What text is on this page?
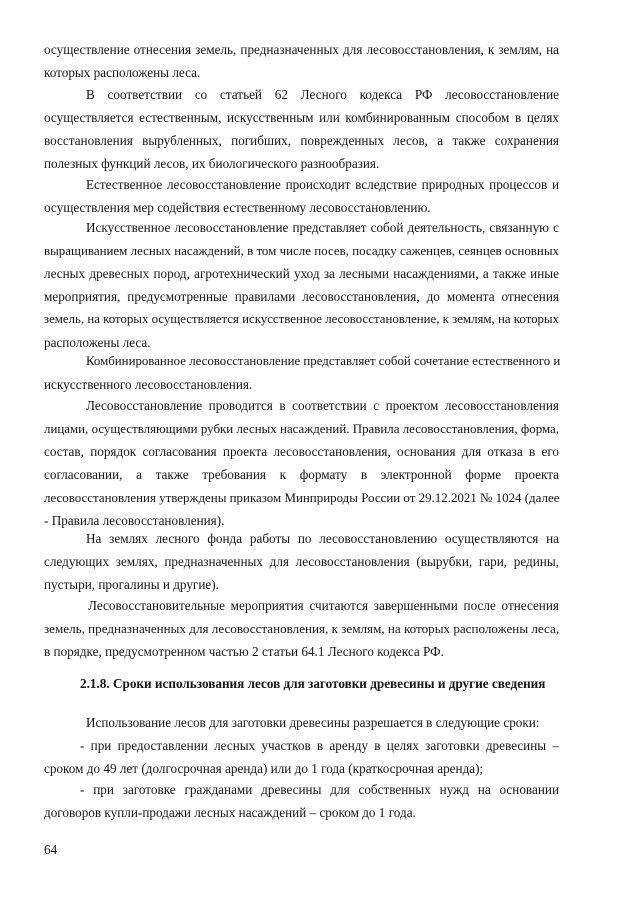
осуществление отнесения земель, предназначенных для лесовосстановления, к землям, на
которых расположены леса.

В соответствии со статьей 62 Лесного кодекса РФ лесовосстановление
осуществляется естественным, искусственным или комбинированным способом в целях
восстановления вырубленных, погибших, поврежденных лесов, а также сохранения
полезных функций лесов, их биологического разнообразия.

Естественное лесовосстановление происходит вследствие природных процессов и
осуществления мер содействия естественному лесовосстановлению.

Искусственное лесовосстановление представляет собой деятельность, связанную с
выращиванием лесных насаждений, в том числе посев, посадку саженцев, сеянцев основных
лесных древесных пород, агротехнический уход за лесными насаждениями, а также иные
мероприятия, предусмотренные правилами лесовосстановления, до момента отнесения
земель, на которых осуществляется искусственное лесовосстановление, к землям, на которых
расположены леса.

Комбинированное лесовосстановление представляет собой сочетание естественного и
искусственного лесовосстановления.

Лесовосстановление проводится в соответствии с проектом лесовосстановления
лицами, осуществляющими рубки лесных насаждений. Правила лесовосстановления, форма,
состав, порядок согласования проекта лесовосстановления, основания для отказа в его
согласовании, а также требования к формату в электронной форме проекта
лесовосстановления утверждены приказом Минприроды России от 29.12.2021 № 1024 (далее
- Правила лесовосстановления).

На землях лесного фонда работы по лесовосстановлению осуществляются на
следующих землях, предназначенных для лесовосстановления (вырубки, гари, редины,
пустыри, прогалины и другие).

Лесовосстановительные мероприятия считаются завершенными после отнесения
земель, предназначенных для лесовосстановления, к землям, на которых расположены леса,
в порядке, предусмотренном частью 2 статьи 64.1 Лесного кодекса РФ.

2.1.8. Сроки использования лесов для заготовки древесины и другие сведения

Использование лесов для заготовки древесины разрешается в следующие сроки:

- при предоставлении лесных участков в аренду в целях заготовки древесины –
сроком до 49 лет (долгосрочная аренда) или до 1 года (краткосрочная аренда);

- при заготовке гражданами древесины для собственных нужд на основании
договоров купли-продажи лесных насаждений – сроком до 1 года.

64
